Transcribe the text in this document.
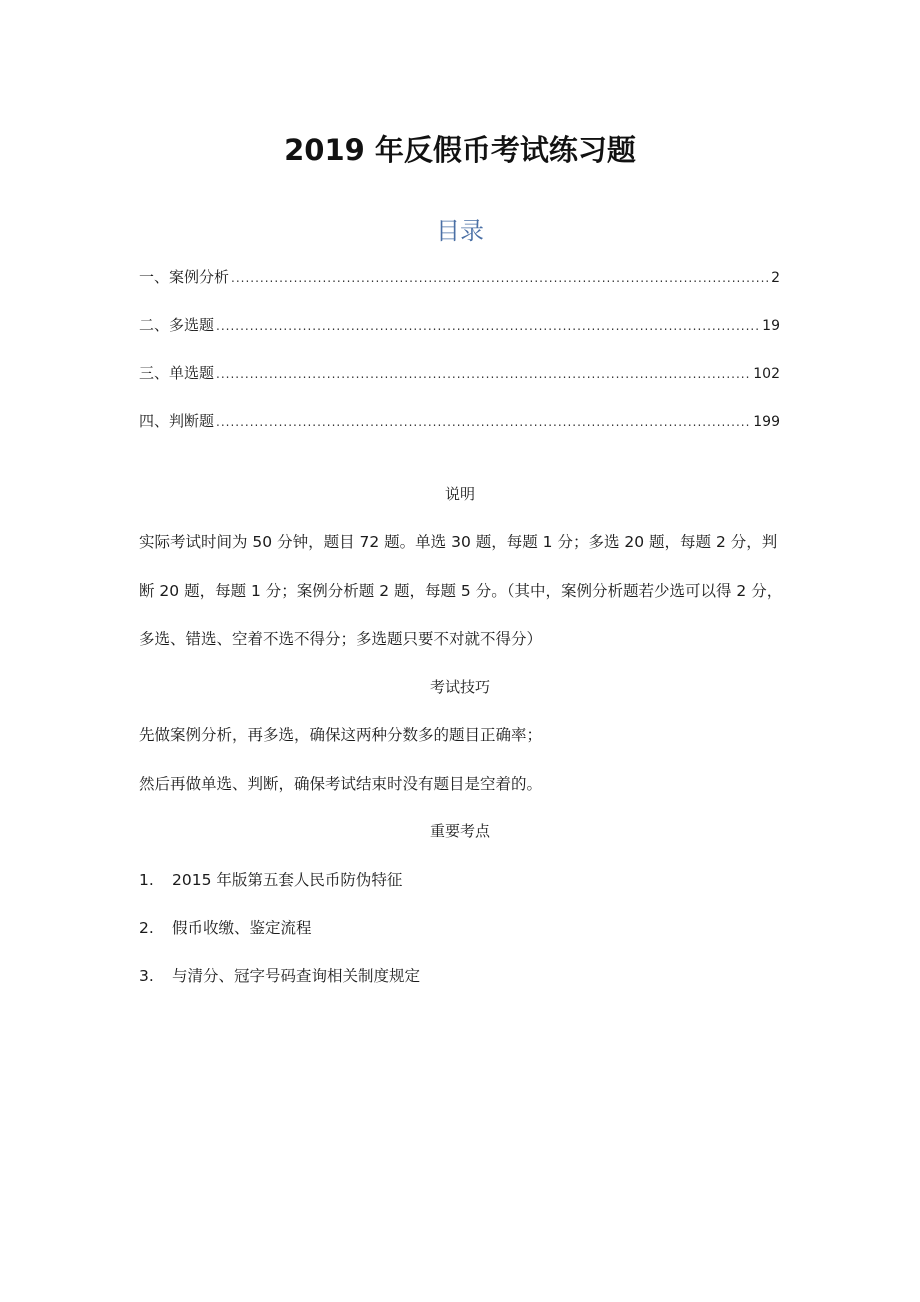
2019 年反假币考试练习题
目录
一、案例分析 .....	2
二、多选题 .....	19
三、单选题 .....	102
四、判断题 .....	199
说明
实际考试时间为 50 分钟，题目 72 题。单选 30 题，每题 1 分；多选 20 题，每题 2 分，判
断 20 题，每题 1 分；案例分析题 2 题，每题 5 分。（其中，案例分析题若少选可以得 2 分，
多选、错选、空着不选不得分；多选题只要不对就不得分）
考试技巧
先做案例分析，再多选，确保这两种分数多的题目正确率；
然后再做单选、判断，确保考试结束时没有题目是空着的。
重要考点
1. 2015 年版第五套人民币防伪特征
2. 假币收缴、鉴定流程
3. 与清分、冠字号码查询相关制度规定
